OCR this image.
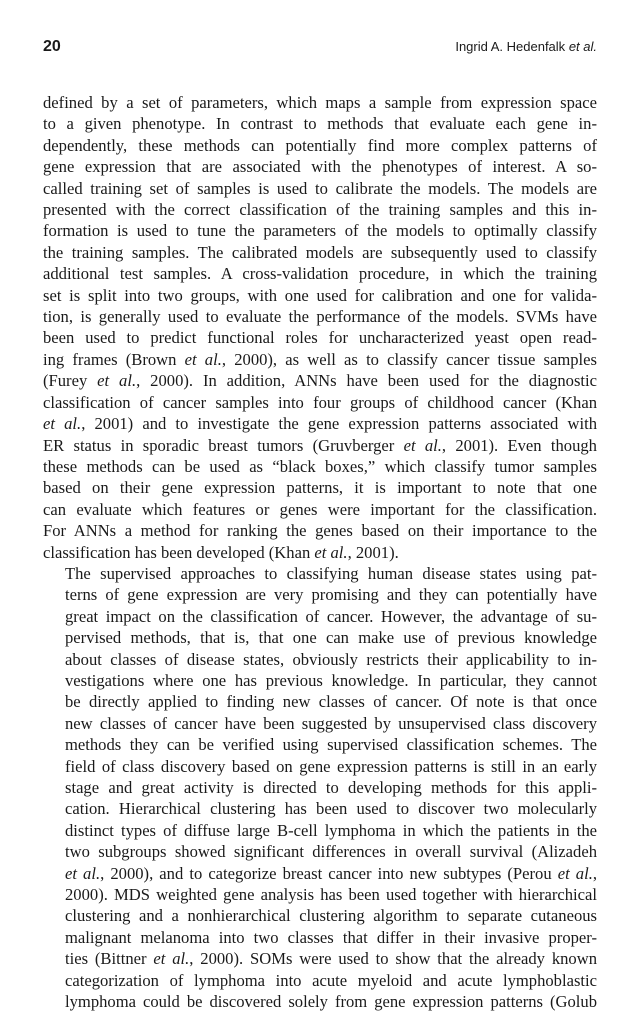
20	Ingrid A. Hedenfalk et al.
defined by a set of parameters, which maps a sample from expression space
to a given phenotype. In contrast to methods that evaluate each gene in-
dependently, these methods can potentially find more complex patterns of
gene expression that are associated with the phenotypes of interest. A so-
called training set of samples is used to calibrate the models. The models are
presented with the correct classification of the training samples and this in-
formation is used to tune the parameters of the models to optimally classify
the training samples. The calibrated models are subsequently used to classify
additional test samples. A cross-validation procedure, in which the training
set is split into two groups, with one used for calibration and one for valida-
tion, is generally used to evaluate the performance of the models. SVMs have
been used to predict functional roles for uncharacterized yeast open read-
ing frames (Brown et al., 2000), as well as to classify cancer tissue samples
(Furey et al., 2000). In addition, ANNs have been used for the diagnostic
classification of cancer samples into four groups of childhood cancer (Khan
et al., 2001) and to investigate the gene expression patterns associated with
ER status in sporadic breast tumors (Gruvberger et al., 2001). Even though
these methods can be used as “black boxes,” which classify tumor samples
based on their gene expression patterns, it is important to note that one
can evaluate which features or genes were important for the classification.
For ANNs a method for ranking the genes based on their importance to the
classification has been developed (Khan et al., 2001).
The supervised approaches to classifying human disease states using pat-
terns of gene expression are very promising and they can potentially have
great impact on the classification of cancer. However, the advantage of su-
pervised methods, that is, that one can make use of previous knowledge
about classes of disease states, obviously restricts their applicability to in-
vestigations where one has previous knowledge. In particular, they cannot
be directly applied to finding new classes of cancer. Of note is that once
new classes of cancer have been suggested by unsupervised class discovery
methods they can be verified using supervised classification schemes. The
field of class discovery based on gene expression patterns is still in an early
stage and great activity is directed to developing methods for this appli-
cation. Hierarchical clustering has been used to discover two molecularly
distinct types of diffuse large B-cell lymphoma in which the patients in the
two subgroups showed significant differences in overall survival (Alizadeh
et al., 2000), and to categorize breast cancer into new subtypes (Perou et al.,
2000). MDS weighted gene analysis has been used together with hierarchical
clustering and a nonhierarchical clustering algorithm to separate cutaneous
malignant melanoma into two classes that differ in their invasive proper-
ties (Bittner et al., 2000). SOMs were used to show that the already known
categorization of lymphoma into acute myeloid and acute lymphoblastic
lymphoma could be discovered solely from gene expression patterns (Golub
